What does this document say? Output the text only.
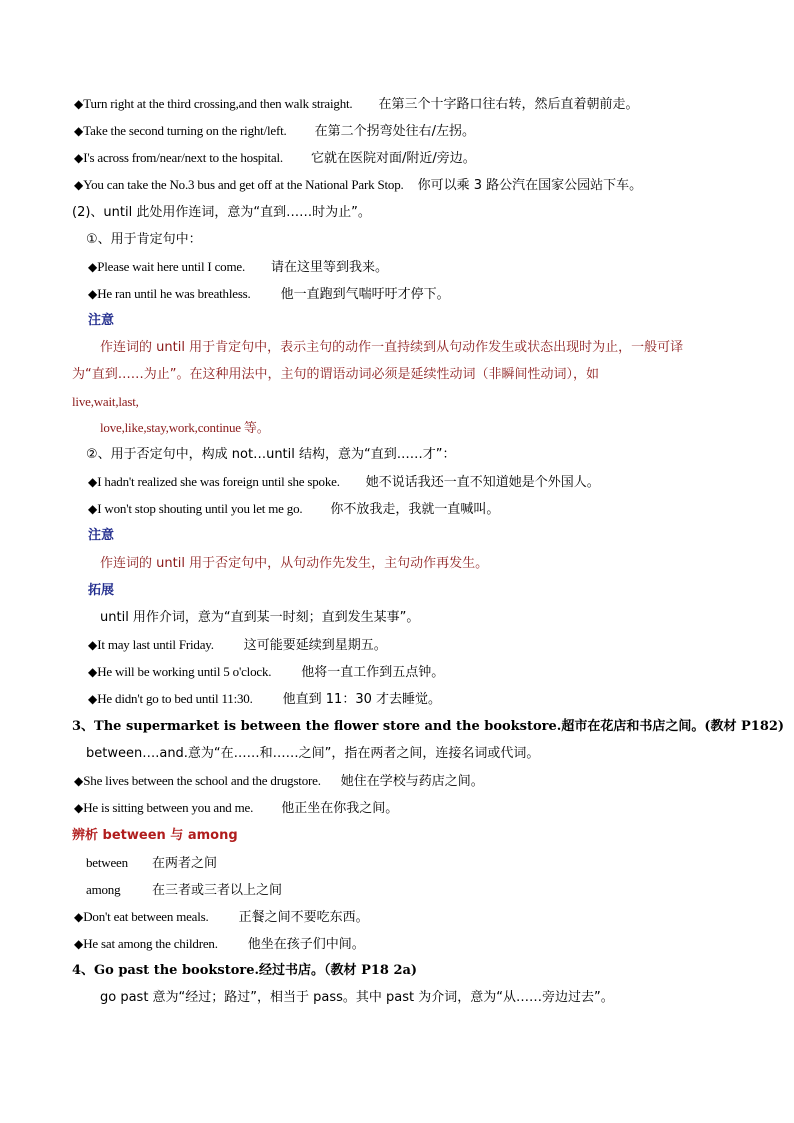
◆Turn right at the third crossing,and then walk straight. 在第三个十字路口往右转，然后直着朝前走。
◆Take the second turning on the right/left. 在第二个拐弯处往右/左拐。
◆I's across from/near/next to the hospital. 它就在医院对面/附近/旁边。
◆You can take the No.3 bus and get off at the National Park Stop. 你可以乘 3 路公汽在国家公园站下车。
(2)、until 此处用作连词，意为“直到……时为止”。
①、用于肯定句中：
◆Please wait here until I come. 请在这里等到我来。
◆He ran until he was breathless. 他一直跑到气喘吁吁才停下。
注意
作连词的 until 用于肯定句中，表示主句的动作一直持续到从句动作发生或状态出现时为止，一般可译
为“直到……为止”。在这种用法中，主句的谓语动词必须是延续性动词（非瞬间性动词），如
live,wait,last,
love,like,stay,work,continue 等。
②、用于否定句中，构成 not…until 结构，意为“直到……才”：
◆I hadn't realized she was foreign until she spoke. 她不说话我还一直不知道她是个外国人。
◆I won't stop shouting until you let me go. 你不放我走，我就一直喊叫。
注意
作连词的 until 用于否定句中，从句动作先发生，主句动作再发生。
拓展
until 用作介词，意为“直到某一时刻；直到发生某事”。
◆It may last until Friday. 这可能要延续到星期五。
◆He will be working until 5 o'clock. 他将一直工作到五点钟。
◆He didn't go to bed until 11:30. 他直到 11：30 才去睡觉。
3、The supermarket is between the flower store and the bookstore.超市在花店和书店之间。(教材 P182)
between….and.意为“在……和……之间”，指在两者之间，连接名词或代词。
◆She lives between the school and the drugstore. 她住在学校与药店之间。
◆He is sitting between you and me. 他正坐在你我之间。
辨析 between 与 among
between 在两者之间
among 在三者或三者以上之间
◆Don't eat between meals. 正餐之间不要吃东西。
◆He sat among the children. 他坐在孩子们中间。
4、Go past the bookstore.经过书店。（教材 P18 2a)
go past 意为“经过；路过”，相当于 pass。其中 past 为介词，意为“从……旁边过去”。
